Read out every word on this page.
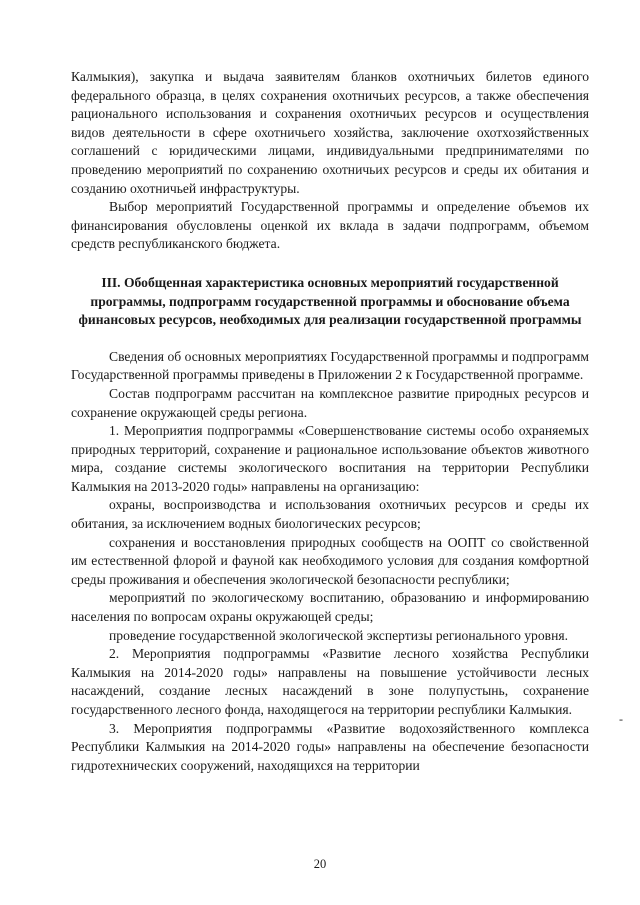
Калмыкия), закупка и выдача заявителям бланков охотничьих билетов единого федерального образца, в целях сохранения охотничьих ресурсов, а также обеспечения рационального использования и сохранения охотничьих ресурсов и осуществления видов деятельности в сфере охотничьего хозяйства, заключение охотхозяйственных соглашений с юридическими лицами, индивидуальными предпринимателями по проведению мероприятий по сохранению охотничьих ресурсов и среды их обитания и созданию охотничьей инфраструктуры.

Выбор мероприятий Государственной программы и определение объемов их финансирования обусловлены оценкой их вклада в задачи подпрограмм, объемом средств республиканского бюджета.

III. Обобщенная характеристика основных мероприятий государственной программы, подпрограмм государственной программы и обоснование объема финансовых ресурсов, необходимых для реализации государственной программы

Сведения об основных мероприятиях Государственной программы и подпрограмм Государственной программы приведены в Приложении 2 к Государственной программе.

Состав подпрограмм рассчитан на комплексное развитие природных ресурсов и сохранение окружающей среды региона.

1. Мероприятия подпрограммы «Совершенствование системы особо охраняемых природных территорий, сохранение и рациональное использование объектов животного мира, создание системы экологического воспитания на территории Республики Калмыкия на 2013-2020 годы» направлены на организацию:

охраны, воспроизводства и использования охотничьих ресурсов и среды их обитания, за исключением водных биологических ресурсов;

сохранения и восстановления природных сообществ на ООПТ со свойственной им естественной флорой и фауной как необходимого условия для создания комфортной среды проживания и обеспечения экологической безопасности республики;

мероприятий по экологическому воспитанию, образованию и информированию населения по вопросам охраны окружающей среды;

проведение государственной экологической экспертизы регионального уровня.

2. Мероприятия подпрограммы «Развитие лесного хозяйства Республики Калмыкия на 2014-2020 годы» направлены на повышение устойчивости лесных насаждений, создание лесных насаждений в зоне полупустынь, сохранение государственного лесного фонда, находящегося на территории республики Калмыкия.

3. Мероприятия подпрограммы «Развитие водохозяйственного комплекса Республики Калмыкия на 2014-2020 годы» направлены на обеспечение безопасности гидротехнических сооружений, находящихся на территории

-
20
